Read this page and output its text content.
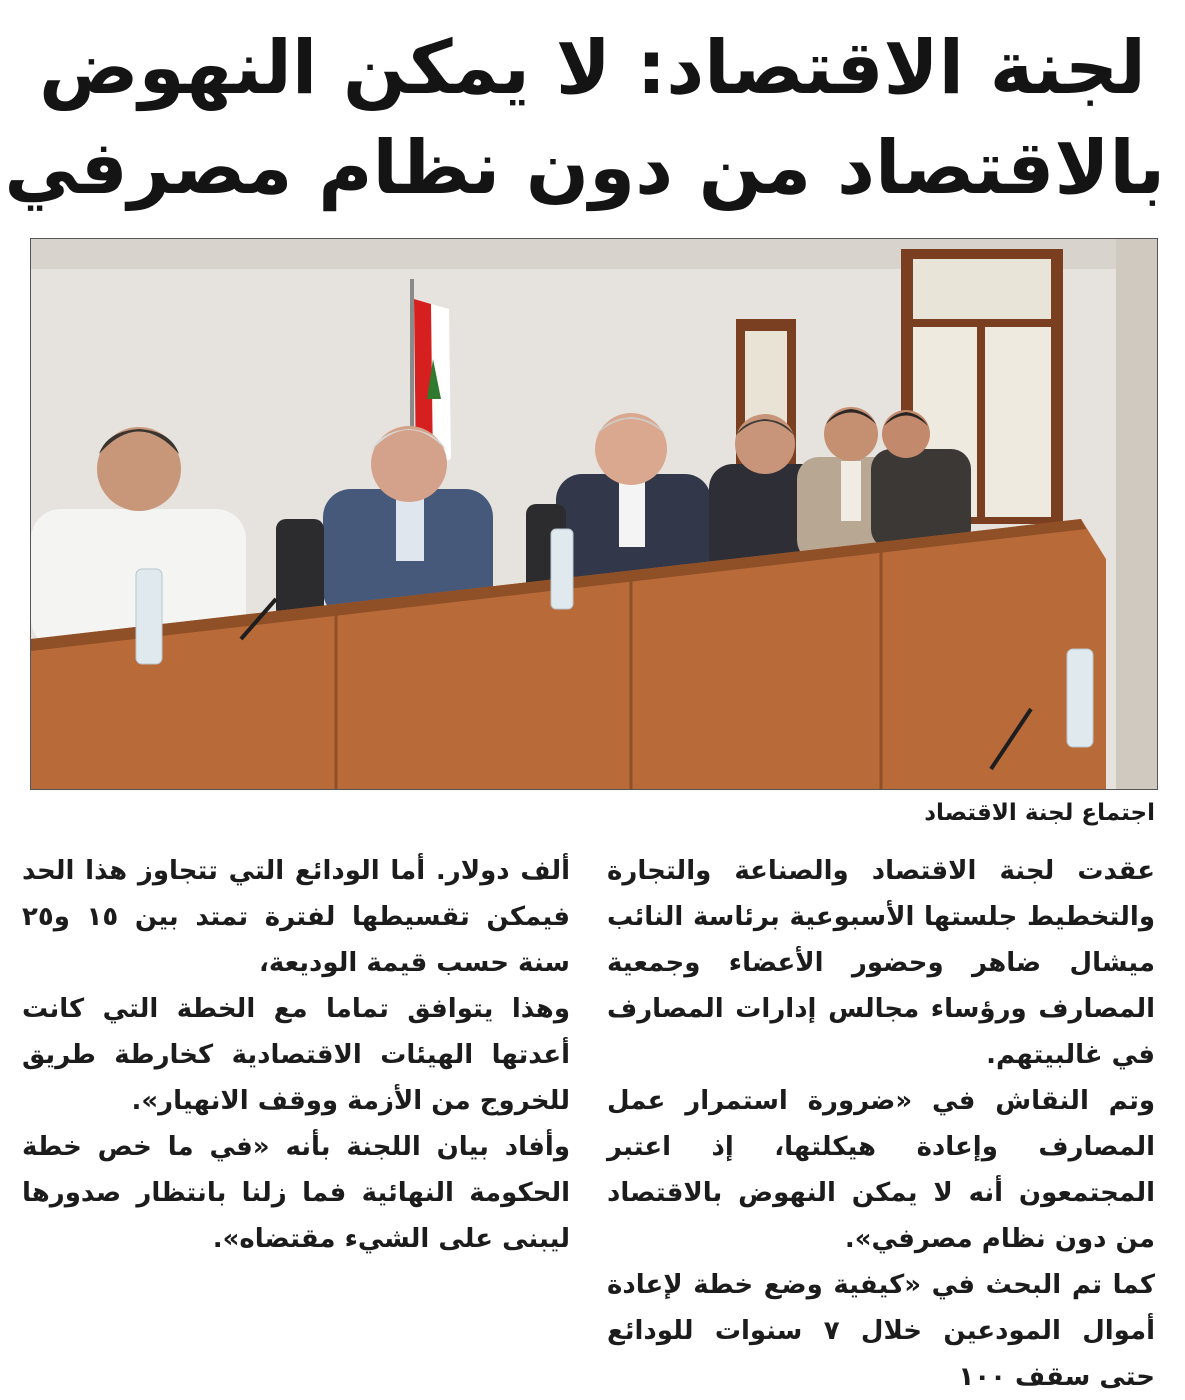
لجنة الاقتصاد: لا يمكن النهوض
بالاقتصاد من دون نظام مصرفي
اجتماع لجنة الاقتصاد

عقدت لجنة الاقتصاد والصناعة والتجارة والتخطيط جلستها الأسبوعية برئاسة النائب ميشال ضاهر وحضور الأعضاء وجمعية المصارف ورؤساء مجالس إدارات المصارف في غالبيتهم.

وتم النقاش في «ضرورة استمرار عمل المصارف وإعادة هيكلتها، إذ اعتبر المجتمعون أنه لا يمكن النهوض بالاقتصاد من دون نظام مصرفي».

كما تم البحث في «كيفية وضع خطة لإعادة أموال المودعين خلال ٧ سنوات للودائع حتى سقف ١٠٠

ألف دولار. أما الودائع التي تتجاوز هذا الحد فيمكن تقسيطها لفترة تمتد بين ١٥ و٢٥ سنة حسب قيمة الوديعة،

وهذا يتوافق تماما مع الخطة التي كانت أعدتها الهيئات الاقتصادية كخارطة طريق للخروج من الأزمة ووقف الانهيار».

وأفاد بيان اللجنة بأنه «في ما خص خطة الحكومة النهائية فما زلنا بانتظار صدورها ليبنى على الشيء مقتضاه».
